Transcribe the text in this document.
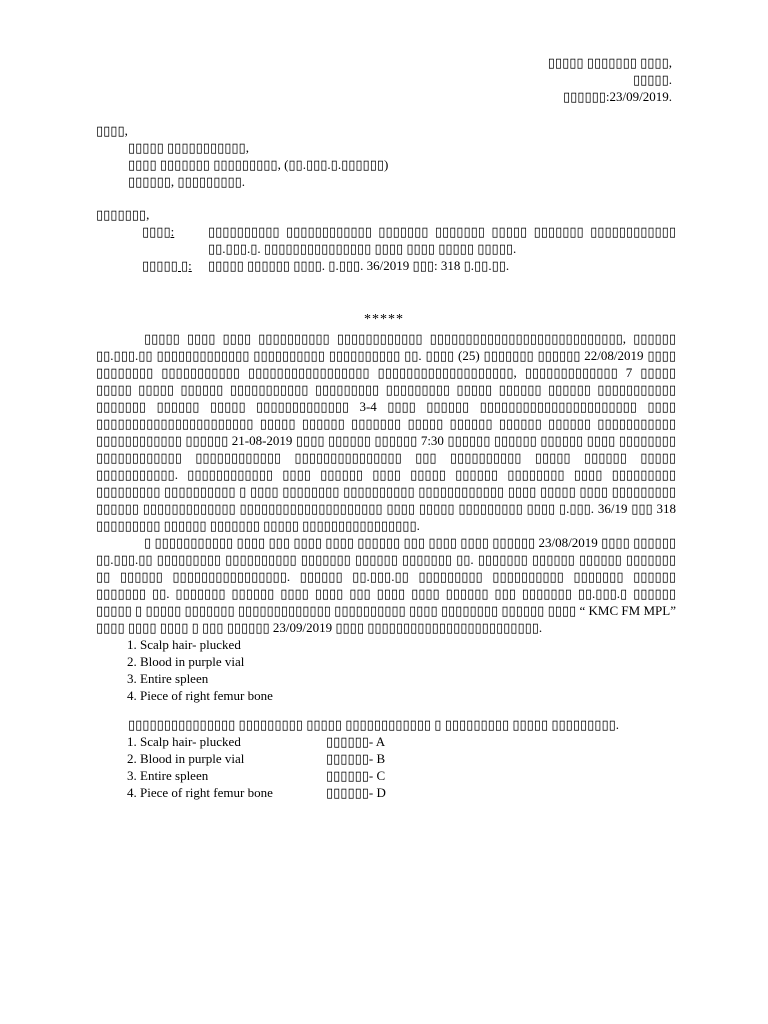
▯▯▯▯▯ ▯▯▯▯▯▯▯ ▯▯▯▯,
▯▯▯▯▯.
▯▯▯▯▯▯:23/09/2019.
▯▯▯▯,
▯▯▯▯▯ ▯▯▯▯▯▯▯▯▯▯▯,
▯▯▯▯ ▯▯▯▯▯▯▯ ▯▯▯▯▯▯▯▯▯, (▯▯.▯▯▯.▯.▯▯▯▯▯▯)
▯▯▯▯▯▯, ▯▯▯▯▯▯▯▯▯.
▯▯▯▯▯▯▯,
▯▯▯▯:	▯▯▯▯▯▯▯▯▯▯ ▯▯▯▯▯▯▯▯▯▯▯▯ ▯▯▯▯▯▯▯ ▯▯▯▯▯▯▯ ▯▯▯▯▯ ▯▯▯▯▯▯▯ ▯▯▯▯▯▯▯▯▯▯▯▯ ▯▯.▯▯▯.▯. ▯▯▯▯▯▯▯▯▯▯▯▯▯▯▯ ▯▯▯▯ ▯▯▯▯ ▯▯▯▯▯ ▯▯▯▯▯.
▯▯▯▯▯ ▯:	▯▯▯▯▯ ▯▯▯▯▯▯ ▯▯▯▯. ▯.▯▯▯. 36/2019 ▯▯▯: 318 ▯.▯▯.▯▯.
*****

▯▯▯▯▯ ▯▯▯▯ ▯▯▯▯ ▯▯▯▯▯▯▯▯▯▯ ▯▯▯▯▯▯▯▯▯▯▯▯ ▯▯▯▯▯▯▯▯▯▯▯▯▯▯▯▯▯▯▯▯▯▯▯▯▯▯▯, ▯▯▯▯▯▯ ▯▯.▯▯▯.▯▯ ▯▯▯▯▯▯▯▯▯▯▯▯▯ ▯▯▯▯▯▯▯▯▯▯ ▯▯▯▯▯▯▯▯▯▯ ▯▯. ▯▯▯▯ (25) ▯▯▯▯▯▯▯ ▯▯▯▯▯▯ 22/08/2019 ▯▯▯▯ ▯▯▯▯▯▯▯▯ ▯▯▯▯▯▯▯▯▯▯▯ ▯▯▯▯▯▯▯▯▯▯▯▯▯▯▯▯▯ ▯▯▯▯▯▯▯▯▯▯▯▯▯▯▯▯▯▯▯, ▯▯▯▯▯▯▯▯▯▯▯▯▯ 7 ▯▯▯▯▯ ▯▯▯▯▯ ▯▯▯▯▯ ▯▯▯▯▯▯ ▯▯▯▯▯▯▯▯▯▯▯ ▯▯▯▯▯▯▯▯▯ ▯▯▯▯▯▯▯▯▯ ▯▯▯▯▯ ▯▯▯▯▯▯ ▯▯▯▯▯▯ ▯▯▯▯▯▯▯▯▯▯▯ ▯▯▯▯▯▯▯ ▯▯▯▯▯▯ ▯▯▯▯▯ ▯▯▯▯▯▯▯▯▯▯▯▯▯ 3-4 ▯▯▯▯ ▯▯▯▯▯▯ ▯▯▯▯▯▯▯▯▯▯▯▯▯▯▯▯▯▯▯▯▯▯ ▯▯▯▯ ▯▯▯▯▯▯▯▯▯▯▯▯▯▯▯▯▯▯▯▯▯▯ ▯▯▯▯▯ ▯▯▯▯▯▯ ▯▯▯▯▯▯▯ ▯▯▯▯▯ ▯▯▯▯▯▯ ▯▯▯▯▯▯ ▯▯▯▯▯▯ ▯▯▯▯▯▯▯▯▯▯▯ ▯▯▯▯▯▯▯▯▯▯▯▯ ▯▯▯▯▯▯ 21-08-2019 ▯▯▯▯ ▯▯▯▯▯▯ ▯▯▯▯▯▯ 7:30 ▯▯▯▯▯▯ ▯▯▯▯▯▯ ▯▯▯▯▯▯ ▯▯▯▯ ▯▯▯▯▯▯▯▯ ▯▯▯▯▯▯▯▯▯▯▯▯ ▯▯▯▯▯▯▯▯▯▯▯▯ ▯▯▯▯▯▯▯▯▯▯▯▯▯▯▯ ▯▯▯ ▯▯▯▯▯▯▯▯▯▯ ▯▯▯▯▯ ▯▯▯▯▯▯ ▯▯▯▯▯ ▯▯▯▯▯▯▯▯▯▯▯. ▯▯▯▯▯▯▯▯▯▯▯▯ ▯▯▯▯ ▯▯▯▯▯▯ ▯▯▯▯ ▯▯▯▯▯ ▯▯▯▯▯▯ ▯▯▯▯▯▯▯▯ ▯▯▯▯ ▯▯▯▯▯▯▯▯▯ ▯▯▯▯▯▯▯▯▯ ▯▯▯▯▯▯▯▯▯▯ ▯ ▯▯▯▯ ▯▯▯▯▯▯▯▯ ▯▯▯▯▯▯▯▯▯▯ ▯▯▯▯▯▯▯▯▯▯▯▯ ▯▯▯▯ ▯▯▯▯▯ ▯▯▯▯ ▯▯▯▯▯▯▯▯▯ ▯▯▯▯▯▯ ▯▯▯▯▯▯▯▯▯▯▯▯▯ ▯▯▯▯▯▯▯▯▯▯▯▯▯▯▯▯▯▯▯▯ ▯▯▯▯ ▯▯▯▯▯ ▯▯▯▯▯▯▯▯▯ ▯▯▯▯ ▯.▯▯▯. 36/19 ▯▯▯ 318 ▯▯▯▯▯▯▯▯▯ ▯▯▯▯▯▯ ▯▯▯▯▯▯▯ ▯▯▯▯▯ ▯▯▯▯▯▯▯▯▯▯▯▯▯▯▯▯.

▯ ▯▯▯▯▯▯▯▯▯▯▯ ▯▯▯▯ ▯▯▯ ▯▯▯▯ ▯▯▯▯ ▯▯▯▯▯▯ ▯▯▯ ▯▯▯▯ ▯▯▯▯ ▯▯▯▯▯▯ 23/08/2019 ▯▯▯▯ ▯▯▯▯▯▯ ▯▯.▯▯▯.▯▯ ▯▯▯▯▯▯▯▯▯ ▯▯▯▯▯▯▯▯▯▯ ▯▯▯▯▯▯▯ ▯▯▯▯▯▯ ▯▯▯▯▯▯▯ ▯▯. ▯▯▯▯▯▯▯ ▯▯▯▯▯▯ ▯▯▯▯▯▯ ▯▯▯▯▯▯▯ ▯▯ ▯▯▯▯▯▯ ▯▯▯▯▯▯▯▯▯▯▯▯▯▯▯▯. ▯▯▯▯▯▯ ▯▯.▯▯▯.▯▯ ▯▯▯▯▯▯▯▯▯ ▯▯▯▯▯▯▯▯▯▯ ▯▯▯▯▯▯▯ ▯▯▯▯▯▯ ▯▯▯▯▯▯▯ ▯▯. ▯▯▯▯▯▯▯ ▯▯▯▯▯▯ ▯▯▯▯ ▯▯▯▯ ▯▯▯ ▯▯▯▯ ▯▯▯▯ ▯▯▯▯▯▯ ▯▯▯ ▯▯▯▯▯▯▯ ▯▯.▯▯▯.▯ ▯▯▯▯▯▯ ▯▯▯▯▯ ▯ ▯▯▯▯▯ ▯▯▯▯▯▯▯ ▯▯▯▯▯▯▯▯▯▯▯▯▯ ▯▯▯▯▯▯▯▯▯▯ ▯▯▯▯ ▯▯▯▯▯▯▯▯ ▯▯▯▯▯▯ ▯▯▯▯ “ KMC FM MPL” ▯▯▯▯ ▯▯▯▯ ▯▯▯▯ ▯ ▯▯▯ ▯▯▯▯▯▯ 23/09/2019 ▯▯▯▯ ▯▯▯▯▯▯▯▯▯▯▯▯▯▯▯▯▯▯▯▯▯▯▯▯.

1. Scalp hair- plucked
2. Blood in purple vial
3. Entire spleen
4. Piece of right femur bone

▯▯▯▯▯▯▯▯▯▯▯▯▯▯▯ ▯▯▯▯▯▯▯▯▯ ▯▯▯▯▯ ▯▯▯▯▯▯▯▯▯▯▯▯ ▯ ▯▯▯▯▯▯▯▯▯ ▯▯▯▯▯ ▯▯▯▯▯▯▯▯▯.

1. Scalp hair- plucked	▯▯▯▯▯▯- A
2. Blood in purple vial	▯▯▯▯▯▯- B
3. Entire spleen	▯▯▯▯▯▯- C
4. Piece of right femur bone	▯▯▯▯▯▯- D
